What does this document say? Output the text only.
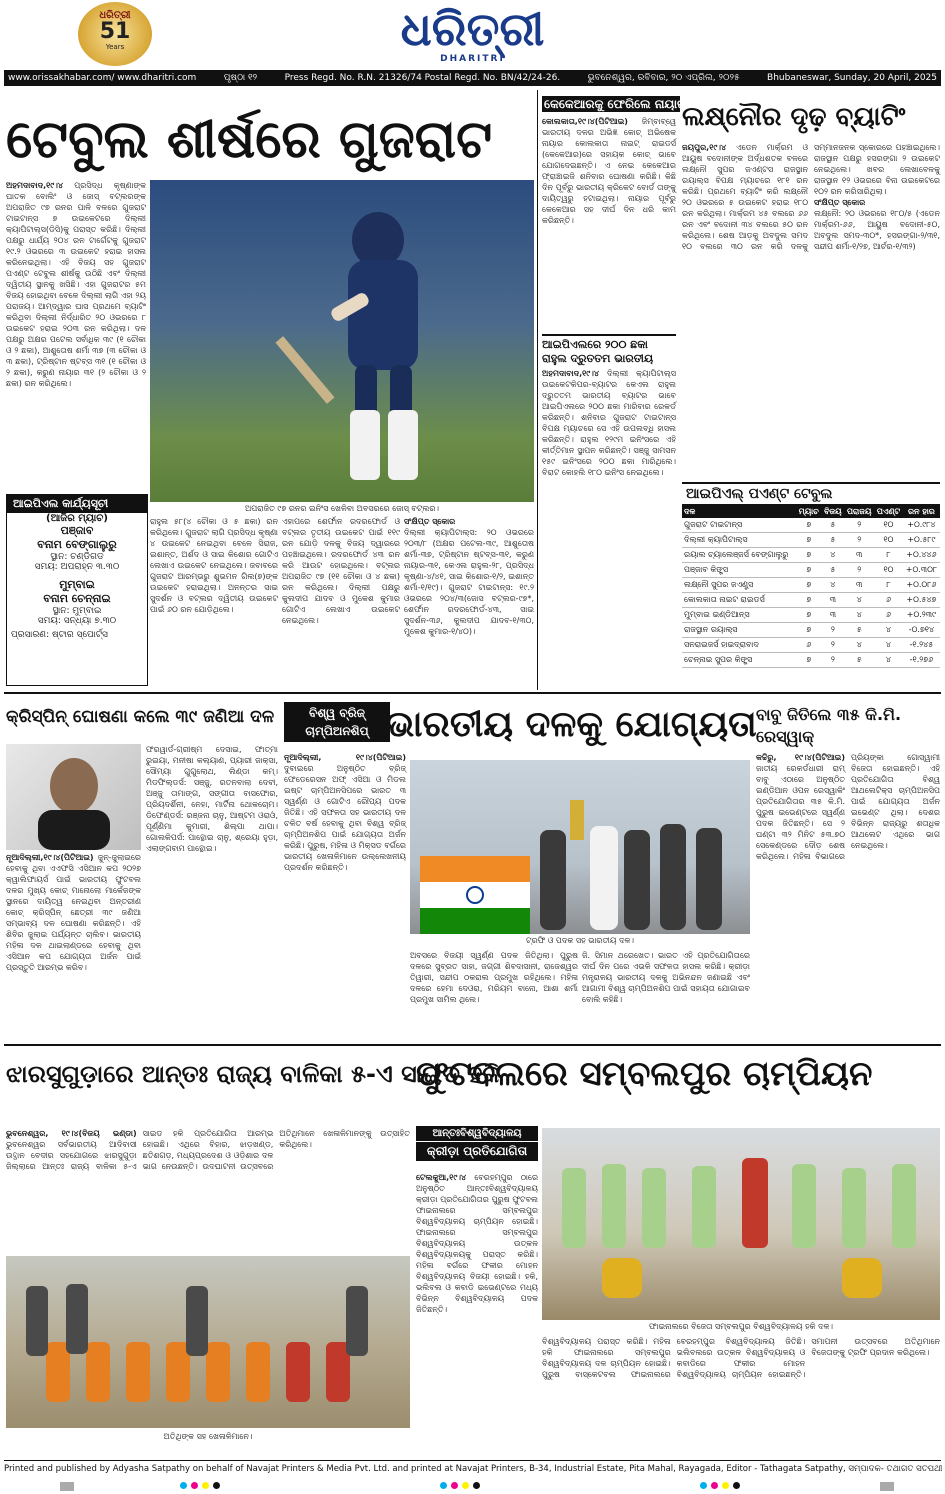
ଧରିତ୍ରୀ
51
Years	ଧରିତ୍ରୀ
DHARITRI
www.orissakhabar.com/ www.dharitri.com	ପୃଷ୍ଠା ୧୨	Press Regd. No. R.N. 21326/74 Postal Regd. No. BN/42/24-26.	ଭୁବନେଶ୍ୱର, ରବିବାର, ୨୦ ଏପ୍ରିଲ, ୨୦୨୫	Bhubaneswar, Sunday, 20 April, 2025
ଟେବୁଲ ଶୀର୍ଷରେ ଗୁଜରାଟ
ଅହମଦାବାଦ,୧୯।୪ ପ୍ରସିଦ୍ଧ କୃଷ୍ଣାଙ୍କ ଘାତକ ବୋଲିଂ ଓ ଜୋସ୍ ବଟ୍‌ଲରଙ୍କ ଅପରାଜିତ ୯୭ ରନର ପାଳି ବଳରେ ଗୁଜରାଟ ଟାଇଟାନ୍ସ ୭ ଉଇକେଟରେ ଦିଲ୍ଲୀ କ୍ୟାପିଟାଲ୍ସ(ଡିସି)କୁ ପରାସ୍ତ କରିଛି। ଦିଲ୍ଲୀ ପକ୍ଷରୁ ଧାର୍ଯ୍ୟ ୨୦୪ ରନ ଟାର୍ଗେଟକୁ ଗୁଜରାଟ ୧୯.୨ ଓଭରରେ ୩ ଉଇକେଟ ହରାଇ ହାସଲ କରିନେଇଥିଲା। ଏହି ବିଜୟ ସହ ଗୁଜରାଟ ପଏଣ୍ଟ ଟେବୁଲ ଶୀର୍ଷକୁ ଉଠିଛି ଏବଂ ଦିଲ୍ଲୀ ଦ୍ୱିତୀୟ ସ୍ଥାନକୁ ଖସିଛି। ଏହା ଗୁଜରାଟର ୫ମ ବିଜୟ ହୋଇଥିବା ବେଳେ ଦିଲ୍ଲୀ ଲାଗି ଏହା ୨ୟ ପରାଜୟ। ଆମ୍‌ଦ୍ୱାର ଘାସ ପ୍ରଥମେ ବ୍ୟାଟିଂ କରିଥିବା ଦିଲ୍ଲୀ ନିର୍ଦ୍ଧାରିତ ୨୦ ଓଭରରେ ୮ ଉଇକେଟ ହରାଇ ୨୦୩ ରନ କରିଥିଲା। ଦଳ ପକ୍ଷରୁ ଅକ୍ଷର ପଟେଲ ସର୍ବାଧିକ ୩୯ (୧ ଚୌକା ଓ ୨ ଛକା), ଆଶୁତୋଷ ଶର୍ମା ୩୭ (୩ ଚୌକା ଓ ୩ ଛକା), ଟ୍ରିଷ୍ଟାନ ଷ୍ଟବ୍ସ ୩୧ (୧ ଚୌକା ଓ ୨ ଛକା), କରୁଣ ନାୟାର ୩୧ (୨ ଚୌକା ଓ ୨ ଛକା) ରନ କରିଥିଲେ।
ଅପରାଜିତ ୯୭ ରନର ଇନିଂସ ଖେଳିବା ଅବସରରେ ଜୋସ୍ ବଟ୍‌ଲର।
ଆଇପିଏଲ କାର୍ଯ୍ୟସୂଚୀ
(ଆଜିର ମ୍ୟାଚ)
ପଞ୍ଜାବ
ବନାମ ବେଙ୍ଗାଲୁରୁ
ସ୍ଥାନ: ଚଣ୍ଡିଗଡ
ସମୟ: ଅପରାହ୍ନ ୩.୩୦
ମୁମ୍ବାଇ
ବନାମ ଚେନ୍ନାଇ
ସ୍ଥାନ: ମୁମ୍ବାଇ
ସମୟ: ସନ୍ଧ୍ୟା ୭.୩୦
ପ୍ରସାରଣ: ଷ୍ଟାର ସ୍ପୋର୍ଟ୍ସ
ରାହୁଲ ୫୮(୪ ଚୌକା ଓ ୫ ଛକା) ରନ କରିଥିଲେ। ଗୁଜରାଟ ଲାଗି ପ୍ରସିଦ୍ଧ କୃଷ୍ଣା ୪ ଉଇକେଟ ନେଇଥିବା ବେଳେ ସିରାଜ, ଇଶାନ୍ତ, ଅର୍ଶଦ ଓ ସାଇ କିଶୋର ଗୋଟିଏ ଲେଖାଏ ଉଇକେଟ ନେଇଥିଲେ। ଜବାବରେ ଗୁଜରାଟ ଆରମ୍ଭରୁ ଶୁଭମନ ଗିଲ(୭)ଙ୍କ ଉଇକେଟ ହରାଇଥିଲା। ଅନନ୍ତର ସାଇ ସୁଦର୍ଶନ ଓ ବଟ୍‌ଲର ଦ୍ୱିତୀୟ ଉଇକେଟ ପାଇଁ ୬୦ ରନ ଯୋଡ଼ିଥିଲେ।
ଏହାପରେ ଶେର୍ଫାନ ରଦରଫୋର୍ଡ ଓ ବଟ୍‌ଲର ତୃତୀୟ ଉଇକେଟ ପାଇଁ ୧୧୯ ରନ ଯୋଡ଼ି ଦଳକୁ ବିଜୟ ଦ୍ୱାରରେ ପହଞ୍ଚାଇଥିଲେ। ରଦରଫୋର୍ଡ ୪୩ ରନ କରି ଆଉଟ ହୋଇଥିଲେ। ବଟ୍‌ଲର ଅପରାଜିତ ୯୭ (୧୧ ଚୌକା ଓ ୪ ଛକା) ରନ କରିଥିଲେ। ଦିଲ୍ଲୀ ପକ୍ଷରୁ କୁଲଦୀପ ଯାଦବ ଓ ମୁକେଶ କୁମାର ଗୋଟିଏ ଲେଖାଏ ଉଇକେଟ ନେଇଥିଲେ।
ସଂକ୍ଷିପ୍ତ ସ୍କୋର
ଦିଲ୍ଲୀ କ୍ୟାପିଟାଲ୍ସ: ୨୦ ଓଭରରେ ୨୦୩/୮ (ଅକ୍ଷର ପଟେଲ-୩୯, ଆଶୁତୋଷ ଶର୍ମା-୩୭, ଟ୍ରିଷ୍ଟାନ ଷ୍ଟବ୍ସ-୩୧, କରୁଣ ନାୟାର-୩୧, କେଏଲ ରାହୁଲ-୨୮, ପ୍ରସିଦ୍ଧ କୃଷ୍ଣା-୪/୪୧, ସାଇ କିଶୋର-୧/୨, ଇଶାନ୍ତ ଶର୍ମା-୧/୧୯)। ଗୁଜରାଟ ଟାଇଟାନ୍ସ: ୧୯.୨ ଓଭରରେ ୨୦୪/୩(ଜୋସ ବଟ୍‌ଲର-୯୭*, ଶେର୍ଫାନ ରଦରଫୋର୍ଡ-୪୩, ସାଇ ସୁଦର୍ଶନ-୩୬, କୁଲଦୀପ ଯାଦବ-୧/୩୦, ମୁକେଶ କୁମାର-୧/୪୦)।
କେକେଆରକୁ ଫେରିଲେ ନାୟାର
କୋଲକାତା,୧୯।୪(ପିଟିଆଇ) ଜିମ୍‌ବାବ୍ୱେ ଭାରତୀୟ ଦଳର ଅଭିଜ୍ଞ କୋଚ୍ ଅଭିଷେକ ନାୟାର କୋଲକାତା ନାଇଟ୍ ରାଇଡର୍ସ (କେକେଆର)ରେ ସହାୟକ କୋଚ୍ ଭାବେ ଯୋଗଦେଇଛନ୍ତି। ଏ ନେଇ କେକେଆର ଫ୍ରାଞ୍ଚାଇଜି ଶନିବାର ଘୋଷଣା କରିଛି। କିଛି ଦିନ ପୂର୍ବରୁ ଭାରତୀୟ କ୍ରିକେଟ ବୋର୍ଡ ତାଙ୍କୁ ଦାୟିତ୍ୱରୁ ହଟାଇଥିଲା। ନାୟାର ପୂର୍ବରୁ କେକେଆର ସହ ଦୀର୍ଘ ଦିନ ଧରି କାମ କରିଛନ୍ତି।
ଆଇପିଏଲରେ ୨୦୦ ଛକା ରାହୁଲ ଦ୍ରୁତତମ ଭାରତୀୟ
ଅହମଦାବାଦ,୧୯।୪ ଦିଲ୍ଲୀ କ୍ୟାପିଟାଲ୍ସ ଉଇକେଟକିପର-ବ୍ୟାଟର କେଏଲ ରାହୁଲ ଦ୍ରୁତତମ ଭାରତୀୟ ବ୍ୟାଟର ଭାବେ ଆଇପିଏଲରେ ୨୦୦ ଛକା ମାରିବାର ରେକର୍ଡ କରିଛନ୍ତି। ଶନିବାର ଗୁଜରାଟ ଟାଇଟାନ୍ସ ବିପକ୍ଷ ମ୍ୟାଚରେ ସେ ଏହି ଉପଲବ୍ଧି ହାସଲ କରିଛନ୍ତି। ରାହୁଲ ୧୨୯ମ ଇନିଂସରେ ଏହି କୀର୍ତ୍ତିମାନ ସ୍ଥାପନ କରିଛନ୍ତି। ସଞ୍ଜୁ ସାମସନ ୧୫୯ ଇନିଂସରେ ୨୦୦ ଛକା ମାରିଥିଲେ। ବିରାଟ କୋହଲି ୧୮୦ ଇନିଂସ ନେଇଥିଲେ।
ଲକ୍ଷ୍ନୌର ଦୃଢ଼ ବ୍ୟାଟିଂ
ଜୟପୁର,୧୯।୪ ଏଡେନ ମାର୍କ୍ରମ ଓ ଆୟୁଷ ବଦୋନୀଙ୍କ ଅର୍ଦ୍ଧଶତକ ବଳରେ ଲକ୍ଷ୍ନୌ ସୁପର ଜଏଣ୍ଟସ ରାଜସ୍ଥାନ ରୟାଲ୍ସ ବିପକ୍ଷ ମ୍ୟାଚରେ ୧୮୧ ରନ କରିଛି। ପ୍ରଥମେ ବ୍ୟାଟିଂ କରି ଲକ୍ଷ୍ନୌ ୨୦ ଓଭରରେ ୫ ଉଇକେଟ ହରାଇ ୧୮୦ ରନ କରିଥିଲା। ମାର୍କ୍ରମ ୪୫ ବଲରେ ୬୬ ରନ ଏବଂ ବଦୋନୀ ୩୪ ବଲରେ ୫୦ ରନ କରିଥିଲେ। ଶେଷ ଆଡ଼କୁ ଅବଦୁଲ ସମଦ ୧୦ ବଲରେ ୩୦ ରନ କରି ଦଳକୁ ସମ୍ମାନଜନକ ସ୍କୋରରେ ପହଞ୍ଚାଇଥିଲେ। ରାଜସ୍ଥାନ ପକ୍ଷରୁ ହସରଙ୍ଗା ୨ ଉଇକେଟ ନେଇଥିଲେ। ଖବର ଲେଖାବେଳକୁ ରାଜସ୍ଥାନ ୧୨ ଓଭରରେ ବିନା ଉଇକେଟରେ ୧୦୨ ରନ କରିସାରିଥିଲା।
ସଂକ୍ଷିପ୍ତ ସ୍କୋର
ଲକ୍ଷ୍ନୌ: ୨୦ ଓଭରରେ ୧୮୦/୫ (ଏଡେନ ମାର୍କ୍ରମ-୬୬, ଆୟୁଷ ବଦୋନୀ-୫୦, ଅବଦୁଲ ସମଦ-୩୦*, ହସରଙ୍ଗା-୨/୩୧, ସନ୍ଦୀପ ଶର୍ମା-୧/୨୭, ଆର୍ଚର-୧/୩୨)
ଆଇପିଏଲ୍ ପଏଣ୍ଟ ଟେବୁଲ
ଦଳ	ମ୍ୟାଚ	ବିଜୟ	ପରାଜୟ	ପଏଣ୍ଟ	ରନ ହାର
ଗୁଜରାଟ ଟାଇଟାନ୍ସ	୭	୫	୨	୧୦	+୦.୯୮୪
ଦିଲ୍ଲୀ କ୍ୟାପିଟାଲ୍ସ	୭	୫	୨	୧୦	+୦.୫୮୯
ରୟାଲ ଚ୍ୟାଲେଞ୍ଜର୍ସ ବେଙ୍ଗାଲୁରୁ	୭	୪	୩	୮	+୦.୪୪୬
ପଞ୍ଜାବ କିଙ୍ଗ୍ସ	୭	୫	୨	୧୦	+୦.୩୦୮
ଲକ୍ଷ୍ନୌ ସୁପର ଜଏଣ୍ଟ୍ସ	୭	୪	୩	୮	+୦.୦୮୬
କୋଲକାତା ନାଇଟ ରାଇଡର୍ସ	୭	୩	୪	୬	+୦.୫୪୭
ମୁମ୍ବାଇ ଇଣ୍ଡିଆନ୍ସ	୭	୩	୪	୬	+୦.୨୩୯
ରାଜସ୍ଥାନ ରୟାଲ୍ସ	୭	୨	୫	୪	-୦.୭୧୪
ସନରାଇଜର୍ସ ହାଇଦ୍ରାବାଦ	୬	୨	୪	୪	-୧.୨୪୫
ଚେନ୍ନାଇ ସୁପର କିଙ୍ଗ୍ସ	୭	୨	୫	୪	-୧.୨୭୬
କ୍ରିସ୍‌ପିନ୍ ଘୋଷଣା କଲେ ୩୯ ଜଣିଆ ଦଳ
ନୂଆଦିଲ୍ଲୀ,୧୯।୪(ପିଟିଆଇ) ଜୁନ୍-ଜୁଲାଇରେ ହେବାକୁ ଥିବା ଏଏଫସି ଏସିଆନ କପ ୨୦୨୭ କ୍ୱାଲିଫାୟର୍ସ ପାଇଁ ଭାରତୀୟ ଫୁଟବଲ ଦଳର ମୁଖ୍ୟ କୋଚ୍ ମାନୋଲୋ ମାର୍କେଜଙ୍କ ସ୍ଥାନରେ ଦାୟିତ୍ୱ ନେଇଥିବା ଅନ୍ତରୀଣ କୋଚ୍ କ୍ରିସ୍‌ପିନ୍ ଛେତ୍ରୀ ୩୯ ଜଣିଆ ସମ୍ଭାବ୍ୟ ଦଳ ଘୋଷଣା କରିଛନ୍ତି। ଏହି ଶିବିର ଜୁଲାଇ ପର୍ଯ୍ୟନ୍ତ ଚାଲିବ। ଭାରତୀୟ ମହିଳା ଦଳ ଥାଇଲାଣ୍ଡରେ ହେବାକୁ ଥିବା ଏସିଆନ କପ ଯୋଗ୍ୟତା ଅର୍ଜନ ପାଇଁ ପ୍ରସ୍ତୁତି ଆରମ୍ଭ କରିବ।
ଫରୱାର୍ଡ-ଗ୍ରୀଷ୍ମ ଦେସାଇ, ଫାତ୍ମା ରୁଇୟା, ମନୀଷା କଲ୍ୟାଣ, ପ୍ୟାରୀ ଜାକ୍ସା, ସୌମ୍ୟା ଗୁଗୁଲୋଥ, ଲିଣ୍ଡା କମ୍। ମିଡଫିଲ୍ଡର୍ସ: ସଞ୍ଜୁ, ରତନବାଲା ଦେବୀ, ଅଞ୍ଜୁ ତାମାଙ୍ଗ, ସଙ୍ଗୀତା ବାସଫୋର, ପ୍ରିୟଦର୍ଶିନୀ, ନେହା, ମାର୍ଟିନା ଥୋକଚୋମ। ଡିଫେଣ୍ଡର୍ସ: ରଞ୍ଜନା ଚାନୁ, ଆଷ୍ଟମ ଓରାଓଁ, ପୂର୍ଣ୍ଣିମା କୁମାରୀ, ଶିଲ୍ପା ଥାପା। ଗୋଲକିପର୍ସ: ପାନ୍ଥୋଇ ଚାନୁ, ଶ୍ରେୟା ହୁଡ଼ା, ଏଲାଙ୍ଗବାମ ପାନ୍ଥୋଇ।
ବିଶ୍ୱ ବ୍ରିଜ୍ ଚାମ୍ପିଅନଶିପ୍ ଭାରତୀୟ ଦଳକୁ ଯୋଗ୍ୟତା
ନୂଆଦିଲ୍ଲୀ, ୧୯।୪(ପିଟିଆଇ) ଦୁବାଇରେ ଅନୁଷ୍ଠିତ ବ୍ରିଜ୍ ଫେଡେରେସନ ଅଫ୍ ଏସିଆ ଓ ମିଡଲ ଇଷ୍ଟ ଚାମ୍ପିଅନସିପରେ ଭାରତ ୩ ସ୍ୱର୍ଣ୍ଣ ଓ ଗୋଟିଏ ରୌପ୍ୟ ପଦକ ଜିତିଛି। ଏହି ସଫଳତା ସହ ଭାରତୀୟ ଦଳ ଚଳିତ ବର୍ଷ ହେବାକୁ ଥିବା ବିଶ୍ୱ ବ୍ରିଜ୍ ଚାମ୍ପିଅନଶିପ ପାଇଁ ଯୋଗ୍ୟତା ଅର୍ଜନ କରିଛି। ପୁରୁଷ, ମହିଳା ଓ ମିକ୍ସଡ ବର୍ଗରେ ଭାରତୀୟ ଖେଳାଳିମାନେ ଉଲ୍ଲେଖନୀୟ ପ୍ରଦର୍ଶନ କରିଛନ୍ତି।
ଟ୍ରଫି ଓ ପଦକ ସହ ଭାରତୀୟ ଦଳ।
ଅବସରେ ବିଜୟୀ ସ୍ୱର୍ଣ୍ଣ ପଦକ ଜିତିଥିଲା। ପୁରୁଷ ଦଳରେ ସୁବ୍ରତ ସାହା, ଜଗ୍ଗୀ ଶିବଦାସାନୀ, ରାଜେଶ୍ୱର ତିୱାରୀ, ସନ୍ଦୀପ ଠକରାଲ ପ୍ରମୁଖ ରହିଥିଲେ। ମହିଳା ଦଳରେ ହେମା ଦେଓରା, ମରିୟମ ବାନୋ, ଆଶା ଶର୍ମା ପ୍ରମୁଖ ସାମିଲ ଥିଲେ।
ଜି. ସିମାନ ଥରେଖେତ। ଭାରତ ଏହି ପ୍ରତିଯୋଗିତାରେ ଦୀର୍ଘ ଦିନ ପରେ ଏଭଳି ସଫଳତା ହାସଲ କରିଛି। କ୍ରୀଡ଼ା ମନ୍ତ୍ରାଳୟ ଭାରତୀୟ ଦଳକୁ ଅଭିନନ୍ଦନ ଜଣାଇଛି ଏବଂ ଆଗାମୀ ବିଶ୍ୱ ଚାମ୍ପିଅନଶିପ ପାଇଁ ସହାୟତା ଯୋଗାଇବ ବୋଲି କହିଛି।
ବାବୁ ଜିତିଲେ ୩୫ କି.ମି. ରେସ୍‌ୱାକ୍
କଚ୍ଚିରୁ, ୧୯।୪(ପିଟିଆଇ) ଜାତୀୟ ରେକର୍ଡଧାରୀ ରାମ୍ ବାବୁ ଏଠାରେ ଅନୁଷ୍ଠିତ ଇଣ୍ଡିଆନ ଓପନ ରେସ୍‌ୱାକିଂ ପ୍ରତିଯୋଗିତାର ୩୫ କି.ମି. ପୁରୁଷ ଇଭେଣ୍ଟରେ ସ୍ୱର୍ଣ୍ଣ ପଦକ ଜିତିଛନ୍ତି। ସେ ୨ ଘଣ୍ଟା ୩୨ ମିନିଟ ୫୩.୭୦ ସେକେଣ୍ଡରେ ଦୌଡ଼ ଶେଷ କରିଥିଲେ। ମହିଳା ବିଭାଗରେ ପ୍ରିୟଙ୍କା ଗୋସ୍ୱାମୀ ବିଜେତା ହୋଇଛନ୍ତି। ଏହି ପ୍ରତିଯୋଗିତା ବିଶ୍ୱ ଆଥଲେଟିକ୍ସ ଚାମ୍ପିଅନସିପ ପାଇଁ ଯୋଗ୍ୟତା ଅର୍ଜନ ଇଭେଣ୍ଟ ଥିଲା। ଦେଶର ବିଭିନ୍ନ ରାଜ୍ୟରୁ ଶତାଧିକ ଆଥଲେଟ ଏଥିରେ ଭାଗ ନେଇଥିଲେ।
ଝାରସୁଗୁଡ଼ାରେ ଆନ୍ତଃ ରାଜ୍ୟ ବାଳିକା ୫-ଏ ସାଇଡ ହକି
ଭୁବନେଶ୍ୱର, ୧୯।୪(ବିଜୟ ଭଣ୍ଡା) ଭୁବନେଶ୍ୱର ସର୍ବଭାରତୀୟ ଆଦିବାସୀ ଉତ୍ଥାନ ବେଦୀର ସହଯୋଗରେ ଝାରସୁଗୁଡ଼ା ଜିଲ୍ଲାରେ ଆନ୍ତଃ ରାଜ୍ୟ ବାଳିକା ୫-ଏ ସାଇଡ ହକି ପ୍ରତିଯୋଗିତା ଆରମ୍ଭ ହୋଇଛି। ଏଥିରେ ବିହାର, ଝାଡ଼ଖଣ୍ଡ, ଛତିଶଗଡ଼, ମଧ୍ୟପ୍ରଦେଶ ଓ ଓଡ଼ିଶାର ଦଳ ଭାଗ ନେଉଛନ୍ତି। ଉଦଘାଟନୀ ଉତ୍ସବରେ ଅତିଥିମାନେ ଖେଳାଳିମାନଙ୍କୁ ଉତ୍ସାହିତ କରିଥିଲେ।
ଅତିଥିଙ୍କ ସହ ଖେଳାଳିମାନେ।
ଫୁଟବଲରେ ସମ୍ବଲପୁର ଚାମ୍ପିୟନ
ଆନ୍ତଃବିଶ୍ୱବିଦ୍ୟାଳୟ
କ୍ରୀଡ଼ା ପ୍ରତିଯୋଗିତା
ଟେଲକୁଆ,୧୯।୪ ବେରହମ୍ପୁର ଠାରେ ଅନୁଷ୍ଠିତ ଆନ୍ତଃବିଶ୍ୱବିଦ୍ୟାଳୟ କ୍ରୀଡ଼ା ପ୍ରତିଯୋଗିତାର ପୁରୁଷ ଫୁଟବଲ ଫାଇନାଲରେ ସମ୍ବଲପୁର ବିଶ୍ୱବିଦ୍ୟାଳୟ ଚାମ୍ପିୟନ ହୋଇଛି। ଫାଇନାଲରେ ସମ୍ବଲପୁର ବିଶ୍ୱବିଦ୍ୟାଳୟ ଉତ୍କଳ ବିଶ୍ୱବିଦ୍ୟାଳୟକୁ ପରାସ୍ତ କରିଛି। ମହିଳା ବର୍ଗରେ ଫକୀର ମୋହନ ବିଶ୍ୱବିଦ୍ୟାଳୟ ବିଜୟୀ ହୋଇଛି। ହକି, ଭଲିବଲ ଓ କବାଡି ଇଭେଣ୍ଟରେ ମଧ୍ୟ ବିଭିନ୍ନ ବିଶ୍ୱବିଦ୍ୟାଳୟ ପଦକ ଜିତିଛନ୍ତି।
ଫାଇନାଲରେ ବିଜେତା ସମ୍ବଲପୁର ବିଶ୍ୱବିଦ୍ୟାଳୟ ହକି ଦଳ।
ବିଶ୍ୱବିଦ୍ୟାଳୟ ପରାସ୍ତ କରିଛି। ମହିଳା ହକି ଫାଇନାଲରେ ସମ୍ବଲପୁର ବିଶ୍ୱବିଦ୍ୟାଳୟ ଦଳ ଚାମ୍ପିୟନ ହୋଇଛି। ପୁରୁଷ ବାସ୍କେଟବଲ ଫାଇନାଲରେ ବେରହମ୍ପୁର ବିଶ୍ୱବିଦ୍ୟାଳୟ ଜିତିଛି। ଭଲିବଲରେ ଉତ୍କଳ ବିଶ୍ୱବିଦ୍ୟାଳୟ ଓ କବାଡିରେ ଫକୀର ମୋହନ ବିଶ୍ୱବିଦ୍ୟାଳୟ ଚାମ୍ପିୟନ ହୋଇଛନ୍ତି। ସମାପନୀ ଉତ୍ସବରେ ଅତିଥିମାନେ ବିଜେତାଙ୍କୁ ଟ୍ରଫି ପ୍ରଦାନ କରିଥିଲେ।
Printed and published by Adyasha Satpathy on behalf of Navajat Printers & Media Pvt. Ltd. and printed at Navajat Printers, B-34, Industrial Estate, Pita Mahal, Rayagada, Editor - Tathagata Satpathy, ସମ୍ପାଦକ- ତଥାଗତ ସତପଥୀ
